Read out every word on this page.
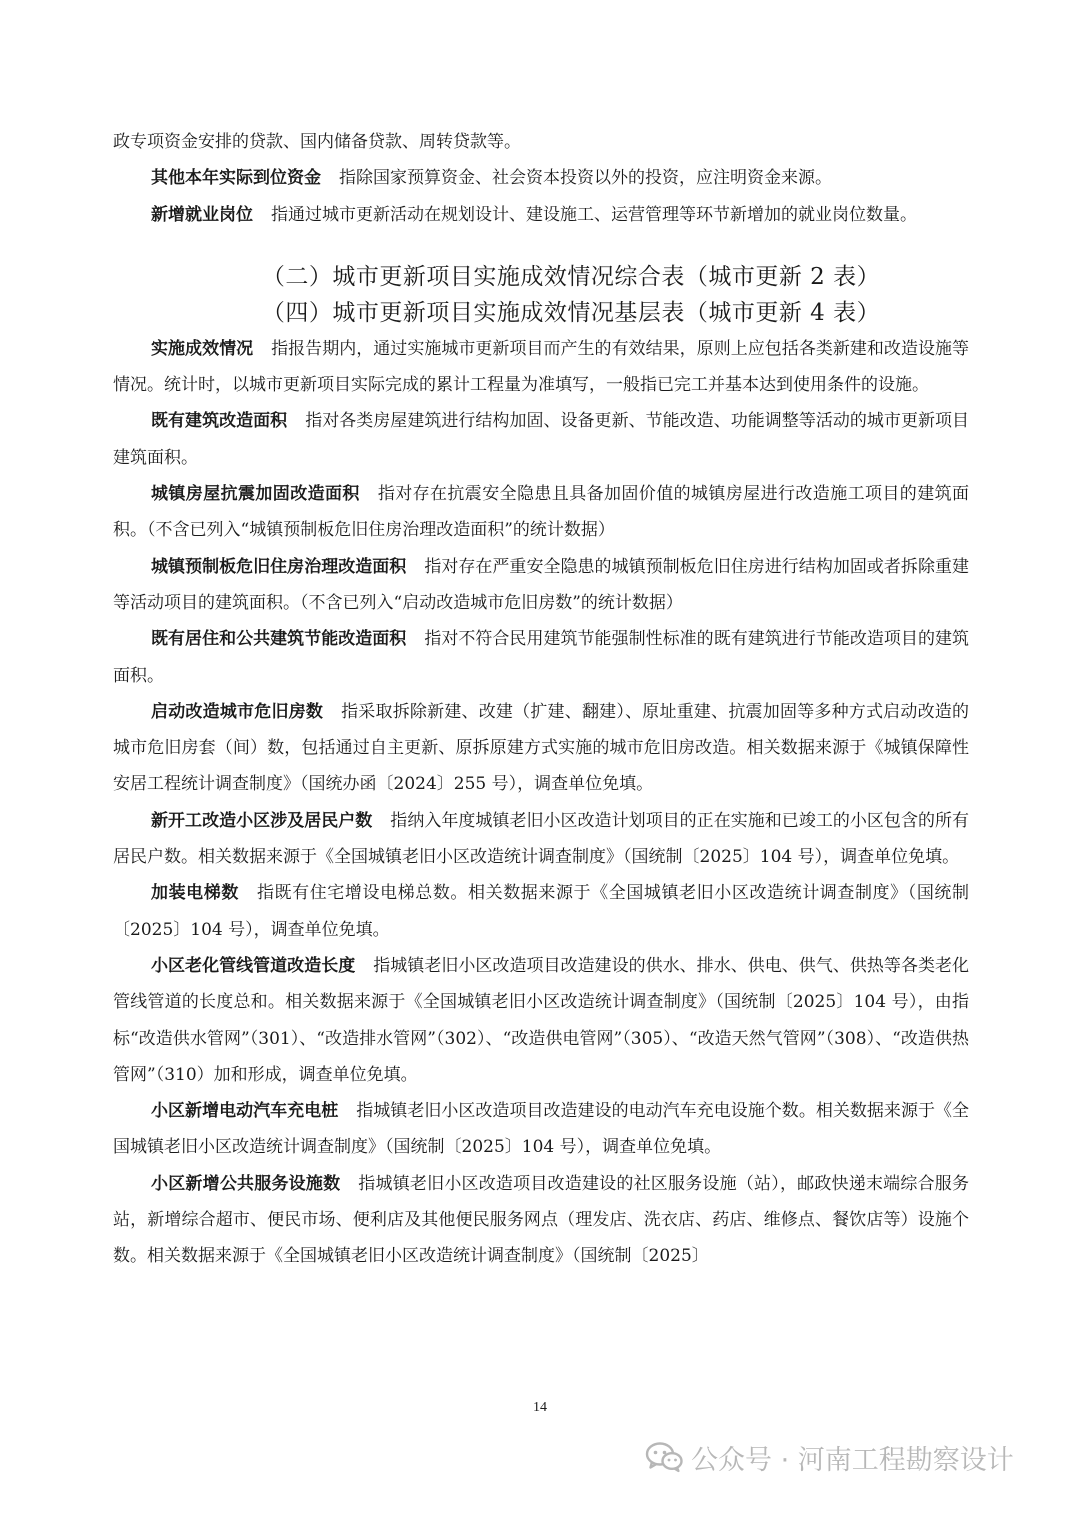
政专项资金安排的贷款、国内储备贷款、周转贷款等。

其他本年实际到位资金 指除国家预算资金、社会资本投资以外的投资，应注明资金来源。

新增就业岗位 指通过城市更新活动在规划设计、建设施工、运营管理等环节新增加的就业岗位数量。

（二）城市更新项目实施成效情况综合表（城市更新 2 表）
（四）城市更新项目实施成效情况基层表（城市更新 4 表）

实施成效情况 指报告期内，通过实施城市更新项目而产生的有效结果，原则上应包括各类新建和改造设施等情况。统计时，以城市更新项目实际完成的累计工程量为准填写，一般指已完工并基本达到使用条件的设施。

既有建筑改造面积 指对各类房屋建筑进行结构加固、设备更新、节能改造、功能调整等活动的城市更新项目建筑面积。

城镇房屋抗震加固改造面积 指对存在抗震安全隐患且具备加固价值的城镇房屋进行改造施工项目的建筑面积。（不含已列入“城镇预制板危旧住房治理改造面积”的统计数据）

城镇预制板危旧住房治理改造面积 指对存在严重安全隐患的城镇预制板危旧住房进行结构加固或者拆除重建等活动项目的建筑面积。（不含已列入“启动改造城市危旧房数”的统计数据）

既有居住和公共建筑节能改造面积 指对不符合民用建筑节能强制性标准的既有建筑进行节能改造项目的建筑面积。

启动改造城市危旧房数 指采取拆除新建、改建（扩建、翻建）、原址重建、抗震加固等多种方式启动改造的城市危旧房套（间）数，包括通过自主更新、原拆原建方式实施的城市危旧房改造。相关数据来源于《城镇保障性安居工程统计调查制度》（国统办函〔2024〕255 号），调查单位免填。

新开工改造小区涉及居民户数 指纳入年度城镇老旧小区改造计划项目的正在实施和已竣工的小区包含的所有居民户数。相关数据来源于《全国城镇老旧小区改造统计调查制度》（国统制〔2025〕104 号），调查单位免填。

加装电梯数 指既有住宅增设电梯总数。相关数据来源于《全国城镇老旧小区改造统计调查制度》（国统制〔2025〕104 号），调查单位免填。

小区老化管线管道改造长度 指城镇老旧小区改造项目改造建设的供水、排水、供电、供气、供热等各类老化管线管道的长度总和。相关数据来源于《全国城镇老旧小区改造统计调查制度》（国统制〔2025〕104 号），由指标“改造供水管网”（301）、“改造排水管网”（302）、“改造供电管网”（305）、“改造天然气管网”（308）、“改造供热管网”（310）加和形成，调查单位免填。

小区新增电动汽车充电桩 指城镇老旧小区改造项目改造建设的电动汽车充电设施个数。相关数据来源于《全国城镇老旧小区改造统计调查制度》（国统制〔2025〕104 号），调查单位免填。

小区新增公共服务设施数 指城镇老旧小区改造项目改造建设的社区服务设施（站），邮政快递末端综合服务站，新增综合超市、便民市场、便利店及其他便民服务网点（理发店、洗衣店、药店、维修点、餐饮店等）设施个数。相关数据来源于《全国城镇老旧小区改造统计调查制度》（国统制〔2025〕

14
公众号 · 河南工程勘察设计
